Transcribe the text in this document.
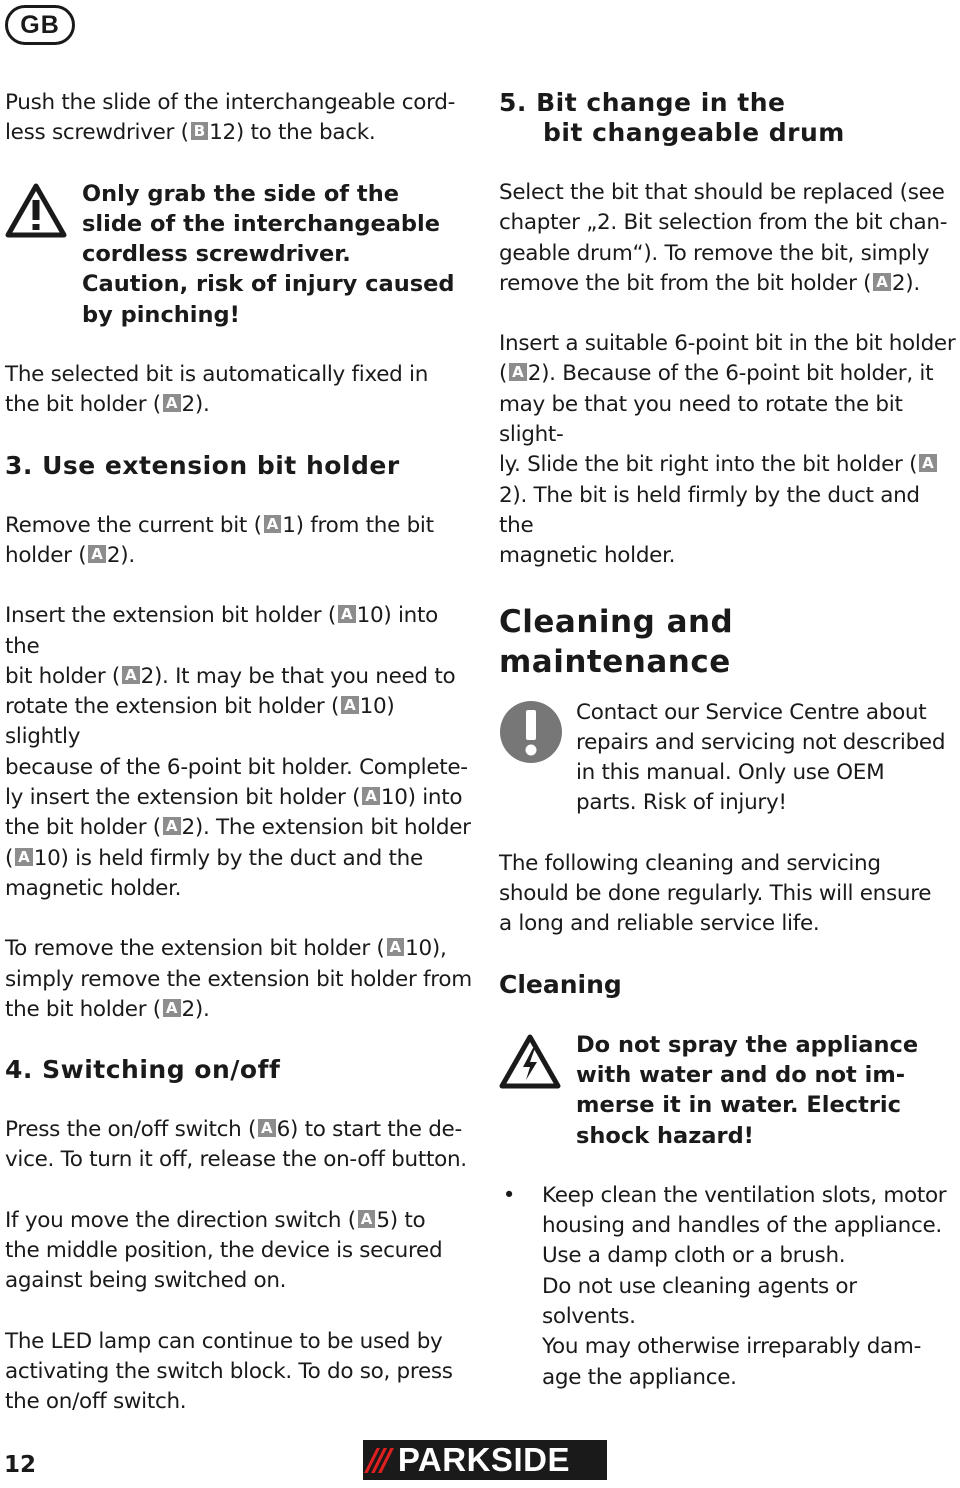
GB

Push the slide of the interchangeable cord-
less screwdriver ( B 12) to the back.

Only grab the side of the
slide of the interchangeable
cordless screwdriver.
Caution, risk of injury caused
by pinching!

The selected bit is automatically fixed in
the bit holder ( A 2).

3. Use extension bit holder

Remove the current bit ( A 1) from the bit
holder ( A 2).

Insert the extension bit holder ( A 10) into the
bit holder ( A 2). It may be that you need to
rotate the extension bit holder ( A 10) slightly
because of the 6-point bit holder. Complete-
ly insert the extension bit holder ( A 10) into
the bit holder ( A 2). The extension bit holder
( A 10) is held firmly by the duct and the
magnetic holder.

To remove the extension bit holder ( A 10),
simply remove the extension bit holder from
the bit holder ( A 2).

4. Switching on/off

Press the on/off switch ( A 6) to start the de-
vice. To turn it off, release the on-off button.

If you move the direction switch ( A 5) to
the middle position, the device is secured
against being switched on.

The LED lamp can continue to be used by
activating the switch block. To do so, press
the on/off switch.

5. Bit change in the
bit changeable drum

Select the bit that should be replaced (see
chapter „2. Bit selection from the bit chan-
geable drum“). To remove the bit, simply
remove the bit from the bit holder ( A 2).

Insert a suitable 6-point bit in the bit holder
( A 2). Because of the 6-point bit holder, it
may be that you need to rotate the bit slight-
ly. Slide the bit right into the bit holder ( A
2). The bit is held firmly by the duct and the
magnetic holder.

Cleaning and
maintenance

Contact our Service Centre about
repairs and servicing not described
in this manual. Only use OEM
parts. Risk of injury!

The following cleaning and servicing
should be done regularly. This will ensure
a long and reliable service life.

Cleaning

Do not spray the appliance
with water and do not im-
merse it in water. Electric
shock hazard!

• Keep clean the ventilation slots, motor
housing and handles of the appliance.
Use a damp cloth or a brush.
Do not use cleaning agents or solvents.
You may otherwise irreparably dam-
age the appliance.
12	/// PARKSIDE
